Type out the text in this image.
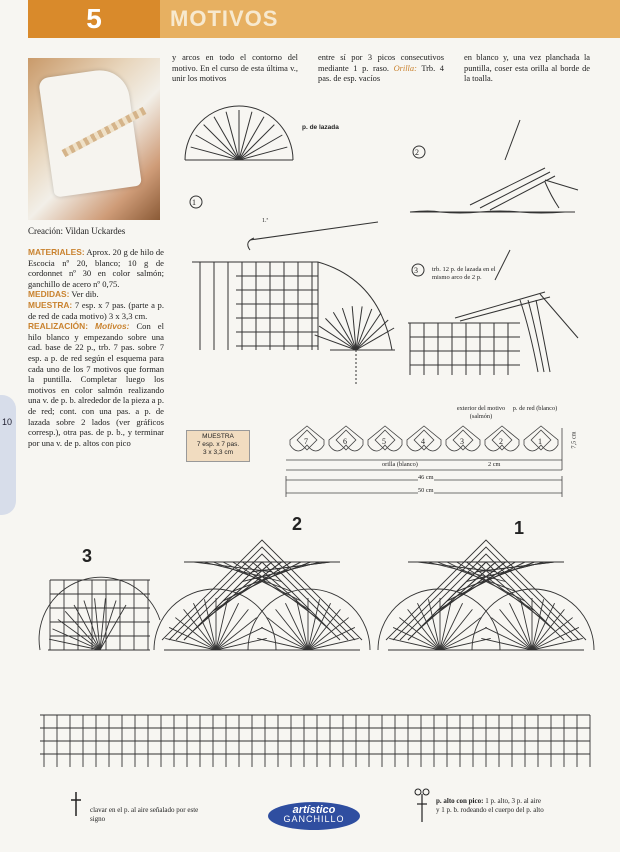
5	MOTIVOS
10
Creación: Vildan Uckardes
MATERIALES: Aprox. 20 g de hilo de Escocia nº 20, blanco; 10 g de cordonnet nº 30 en color salmón; ganchillo de acero nº 0,75.
MEDIDAS: Ver dib.
MUESTRA: 7 esp. x 7 pas. (parte a p. de red de cada motivo) 3 x 3,3 cm.
REALIZACIÓN: Motivos: Con el hilo blanco y empezando sobre una cad. base de 22 p., trb. 7 pas. sobre 7 esp. a p. de red según el esquema para cada uno de los 7 motivos que forman la puntilla. Completar luego los motivos en color salmón realizando una v. de p. b. alrededor de la pieza a p. de red; cont. con una pas. a p. de lazada sobre 2 lados (ver gráficos corresp.), otra pas. de p. b., y terminar por una v. de p. altos con pico
y arcos en todo el contorno del motivo. En el curso de esta última v., unir los motivos
entre sí por 3 picos consecutivos mediante 1 p. raso. Orilla: Trb. 4 pas. de esp. vacíos
en blanco y, una vez planchada la puntilla, coser esta orilla al borde de la toalla.
1
2
3
1.ª
p. de lazada
trb. 12 p. de lazada en el mismo arco de 2 p.
MUESTRA
7 esp. x 7 pas.
3 x 3,3 cm
7	6	5	4	3	2	1
exterior del motivo (salmón)
p. de red (blanco)
orilla (blanco)	2 cm
7,5 cm
46 cm
50 cm
3
2	1
clavar en el p. al aire señalado por este signo
artístico
GANCHILLO
p. alto con pico: 1 p. alto, 3 p. al aire y 1 p. b. rodeando el cuerpo del p. alto
